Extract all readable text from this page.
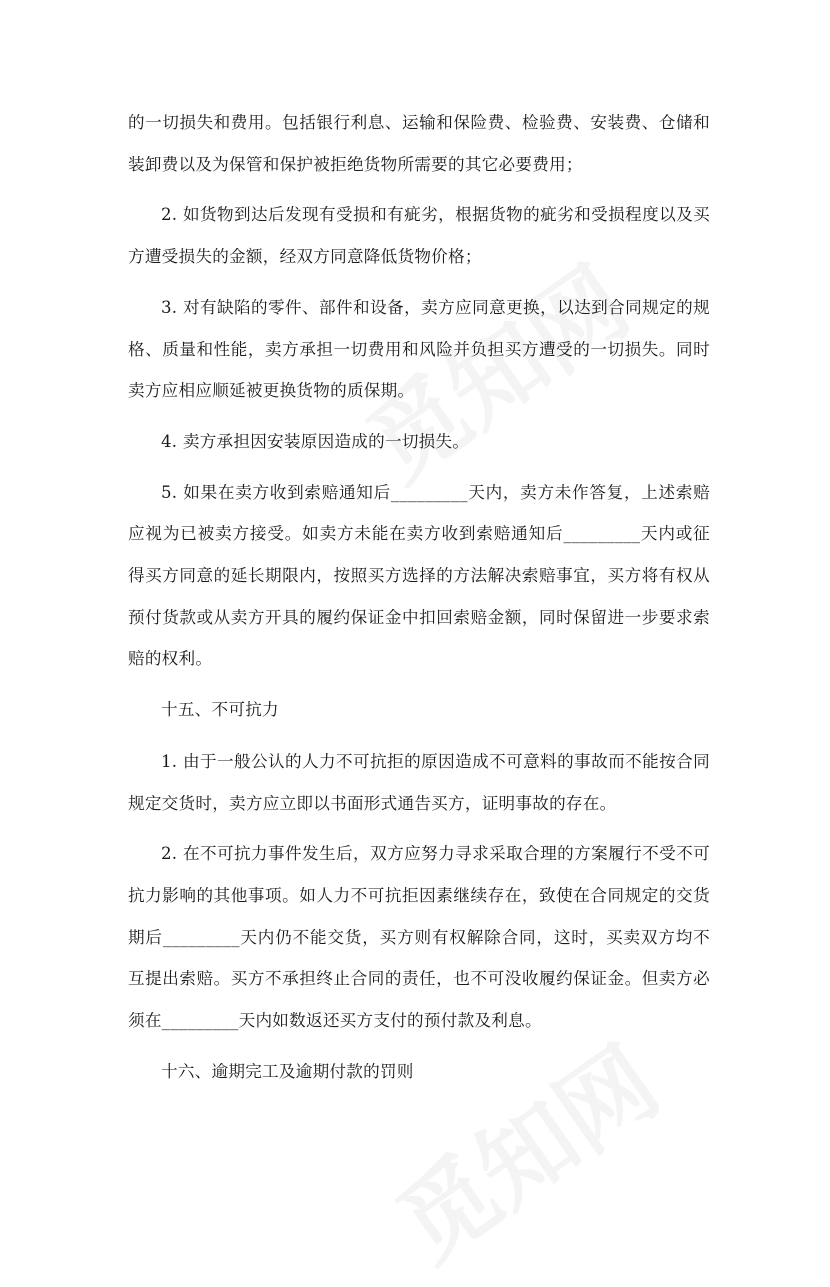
的一切损失和费用。包括银行利息、运输和保险费、检验费、安装费、仓储和装卸费以及为保管和保护被拒绝货物所需要的其它必要费用；

2. 如货物到达后发现有受损和有疵劣，根据货物的疵劣和受损程度以及买方遭受损失的金额，经双方同意降低货物价格；

3. 对有缺陷的零件、部件和设备，卖方应同意更换，以达到合同规定的规格、质量和性能，卖方承担一切费用和风险并负担买方遭受的一切损失。同时卖方应相应顺延被更换货物的质保期。

4. 卖方承担因安装原因造成的一切损失。

5. 如果在卖方收到索赔通知后_________天内，卖方未作答复，上述索赔应视为已被卖方接受。如卖方未能在卖方收到索赔通知后_________天内或征得买方同意的延长期限内，按照买方选择的方法解决索赔事宜，买方将有权从预付货款或从卖方开具的履约保证金中扣回索赔金额，同时保留进一步要求索赔的权利。

十五、不可抗力

1. 由于一般公认的人力不可抗拒的原因造成不可意料的事故而不能按合同规定交货时，卖方应立即以书面形式通告买方，证明事故的存在。

2. 在不可抗力事件发生后，双方应努力寻求采取合理的方案履行不受不可抗力影响的其他事项。如人力不可抗拒因素继续存在，致使在合同规定的交货期后_________天内仍不能交货，买方则有权解除合同，这时，买卖双方均不互提出索赔。买方不承担终止合同的责任，也不可没收履约保证金。但卖方必须在_________天内如数返还买方支付的预付款及利息。

十六、逾期完工及逾期付款的罚则
